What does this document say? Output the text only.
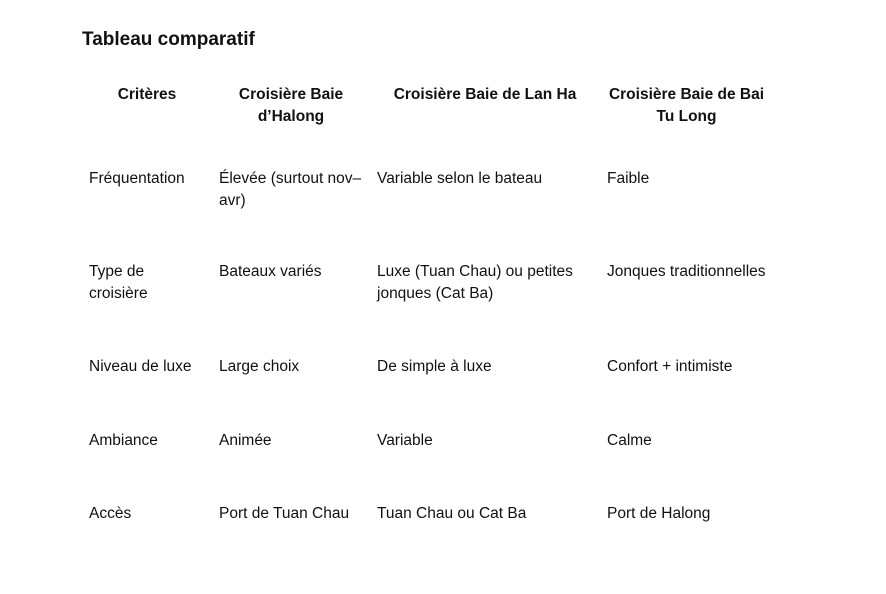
Tableau comparatif
Critères	Croisière Baie d’Halong	Croisière Baie de Lan Ha	Croisière Baie de Bai Tu Long
Fréquentation	Élevée (surtout nov–avr)	Variable selon le bateau	Faible
Type de croisière	Bateaux variés	Luxe (Tuan Chau) ou petites jonques (Cat Ba)	Jonques traditionnelles
Niveau de luxe	Large choix	De simple à luxe	Confort + intimiste
Ambiance	Animée	Variable	Calme
Accès	Port de Tuan Chau	Tuan Chau ou Cat Ba	Port de Halong
